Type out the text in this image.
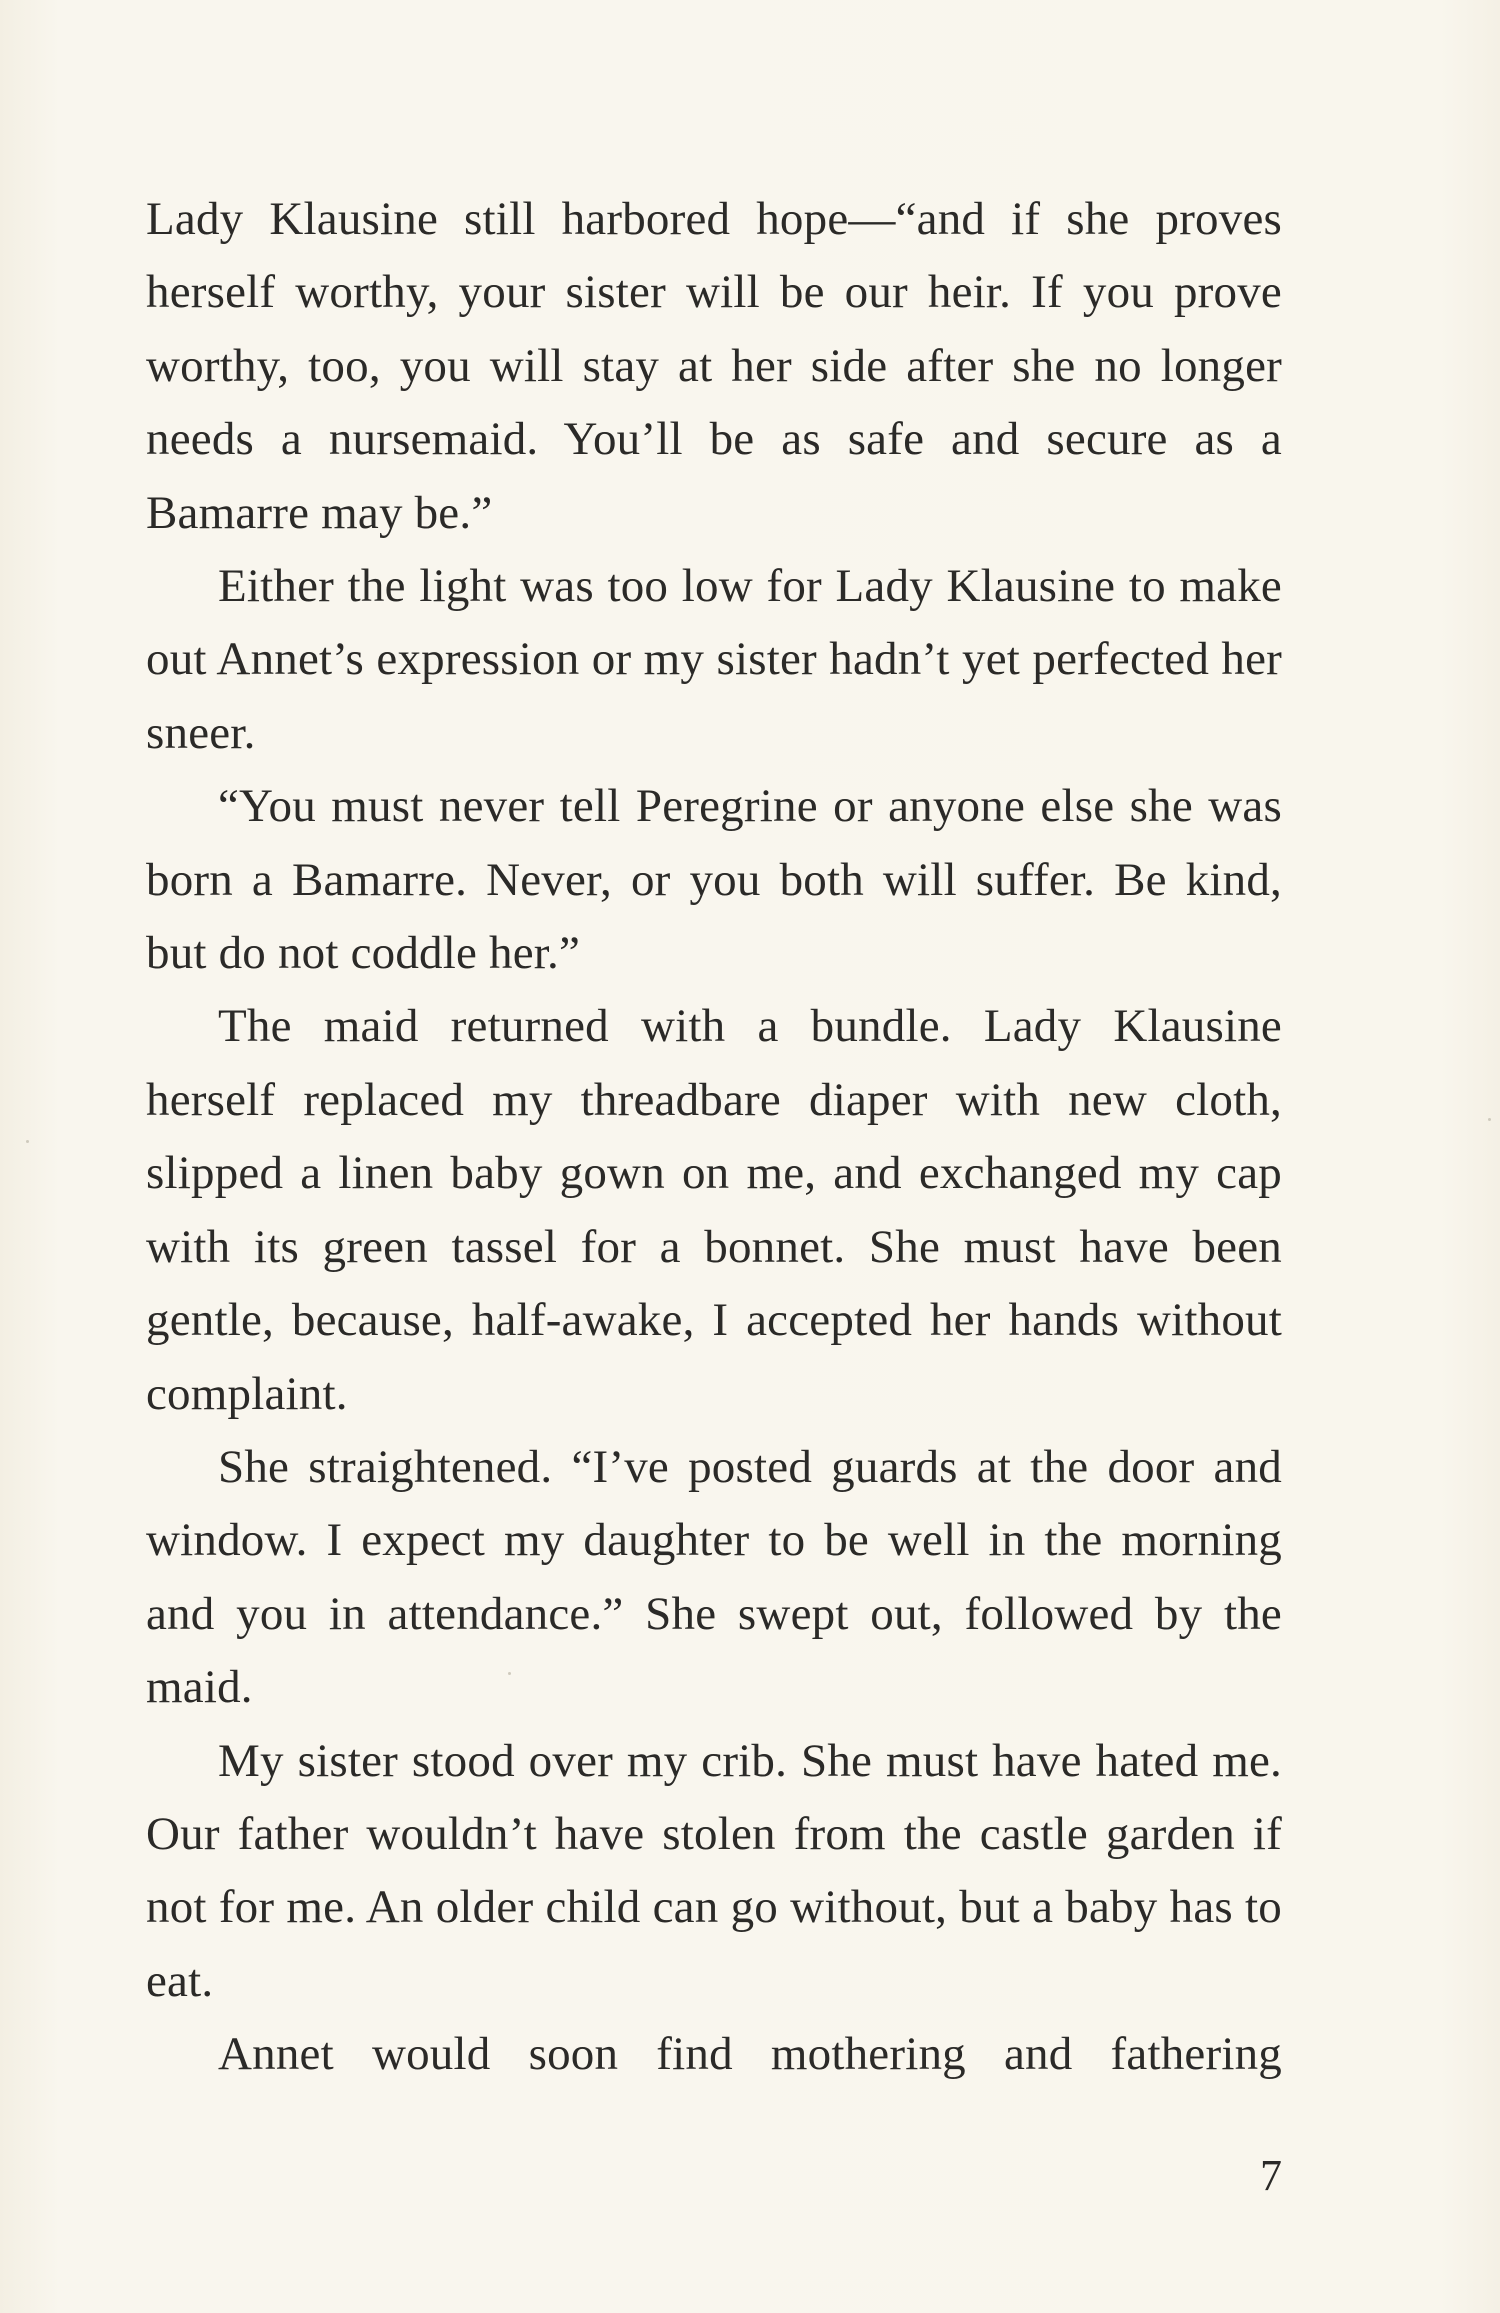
Lady Klausine still harbored hope—“and if she proves herself worthy, your sister will be our heir. If you prove worthy, too, you will stay at her side after she no longer needs a nursemaid. You’ll be as safe and secure as a Bamarre may be.”

Either the light was too low for Lady Klausine to make out Annet’s expression or my sister hadn’t yet perfected her sneer.

“You must never tell Peregrine or anyone else she was born a Bamarre. Never, or you both will suffer. Be kind, but do not coddle her.”

The maid returned with a bundle. Lady Klausine herself replaced my threadbare diaper with new cloth, slipped a linen baby gown on me, and exchanged my cap with its green tassel for a bonnet. She must have been gentle, because, half-awake, I accepted her hands without complaint.

She straightened. “I’ve posted guards at the door and window. I expect my daughter to be well in the morning and you in attendance.” She swept out, followed by the maid.

My sister stood over my crib. She must have hated me. Our father wouldn’t have stolen from the castle garden if not for me. An older child can go without, but a baby has to eat.

Annet would soon find mothering and fathering

7
